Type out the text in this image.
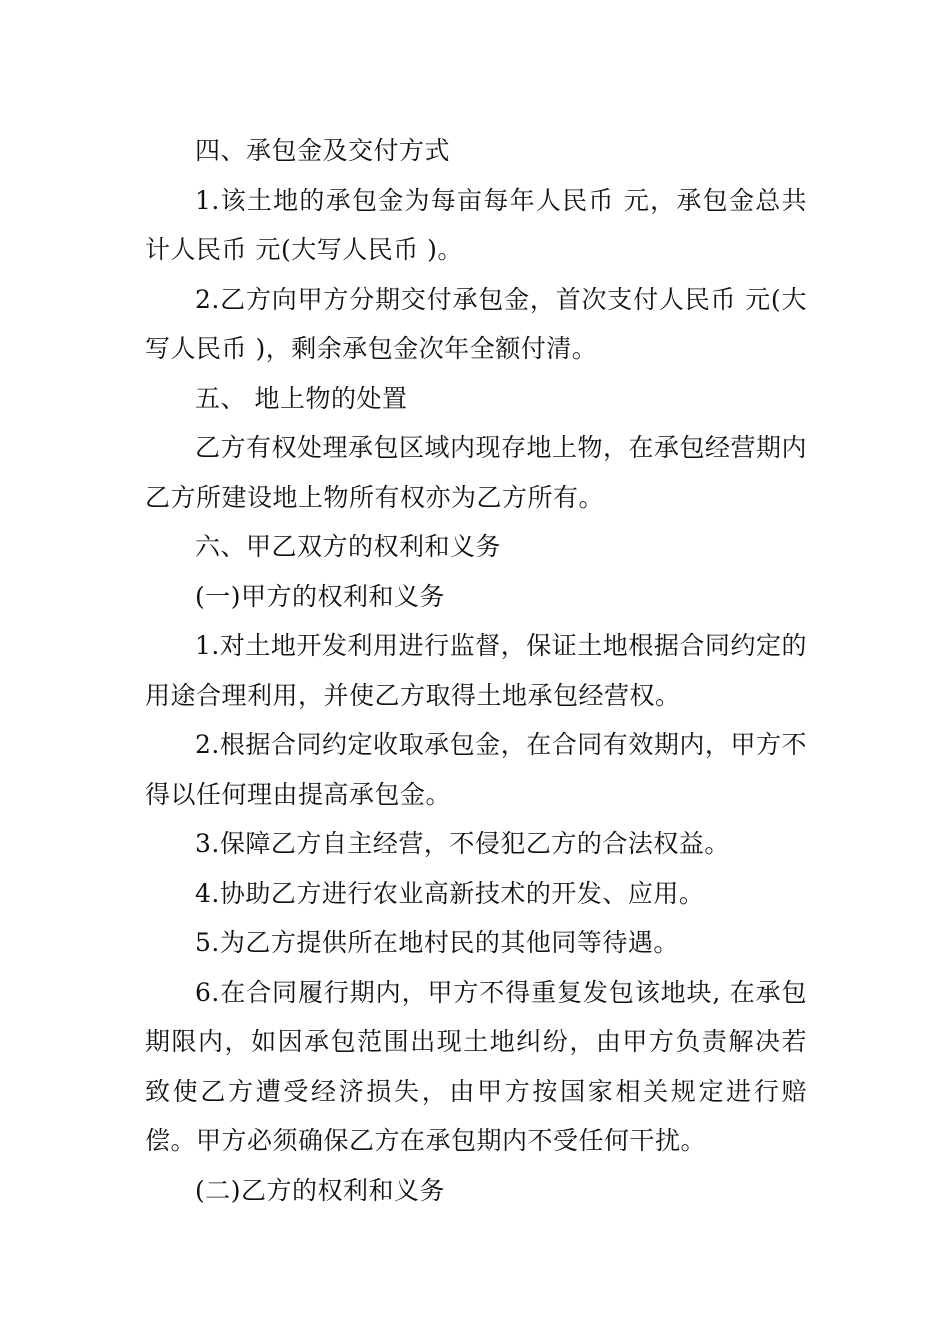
四、承包金及交付方式

1.该土地的承包金为每亩每年人民币 元，承包金总共计人民币 元(大写人民币 )。

2.乙方向甲方分期交付承包金，首次支付人民币 元(大写人民币 )，剩余承包金次年全额付清。

五、 地上物的处置

乙方有权处理承包区域内现存地上物，在承包经营期内乙方所建设地上物所有权亦为乙方所有。

六、甲乙双方的权利和义务

(一)甲方的权利和义务

1.对土地开发利用进行监督，保证土地根据合同约定的用途合理利用，并使乙方取得土地承包经营权。

2.根据合同约定收取承包金，在合同有效期内，甲方不得以任何理由提高承包金。

3.保障乙方自主经营，不侵犯乙方的合法权益。

4.协助乙方进行农业高新技术的开发、应用。

5.为乙方提供所在地村民的其他同等待遇。

6.在合同履行期内，甲方不得重复发包该地块, 在承包期限内，如因承包范围出现土地纠纷，由甲方负责解决若致使乙方遭受经济损失，由甲方按国家相关规定进行赔偿。甲方必须确保乙方在承包期内不受任何干扰。

(二)乙方的权利和义务
